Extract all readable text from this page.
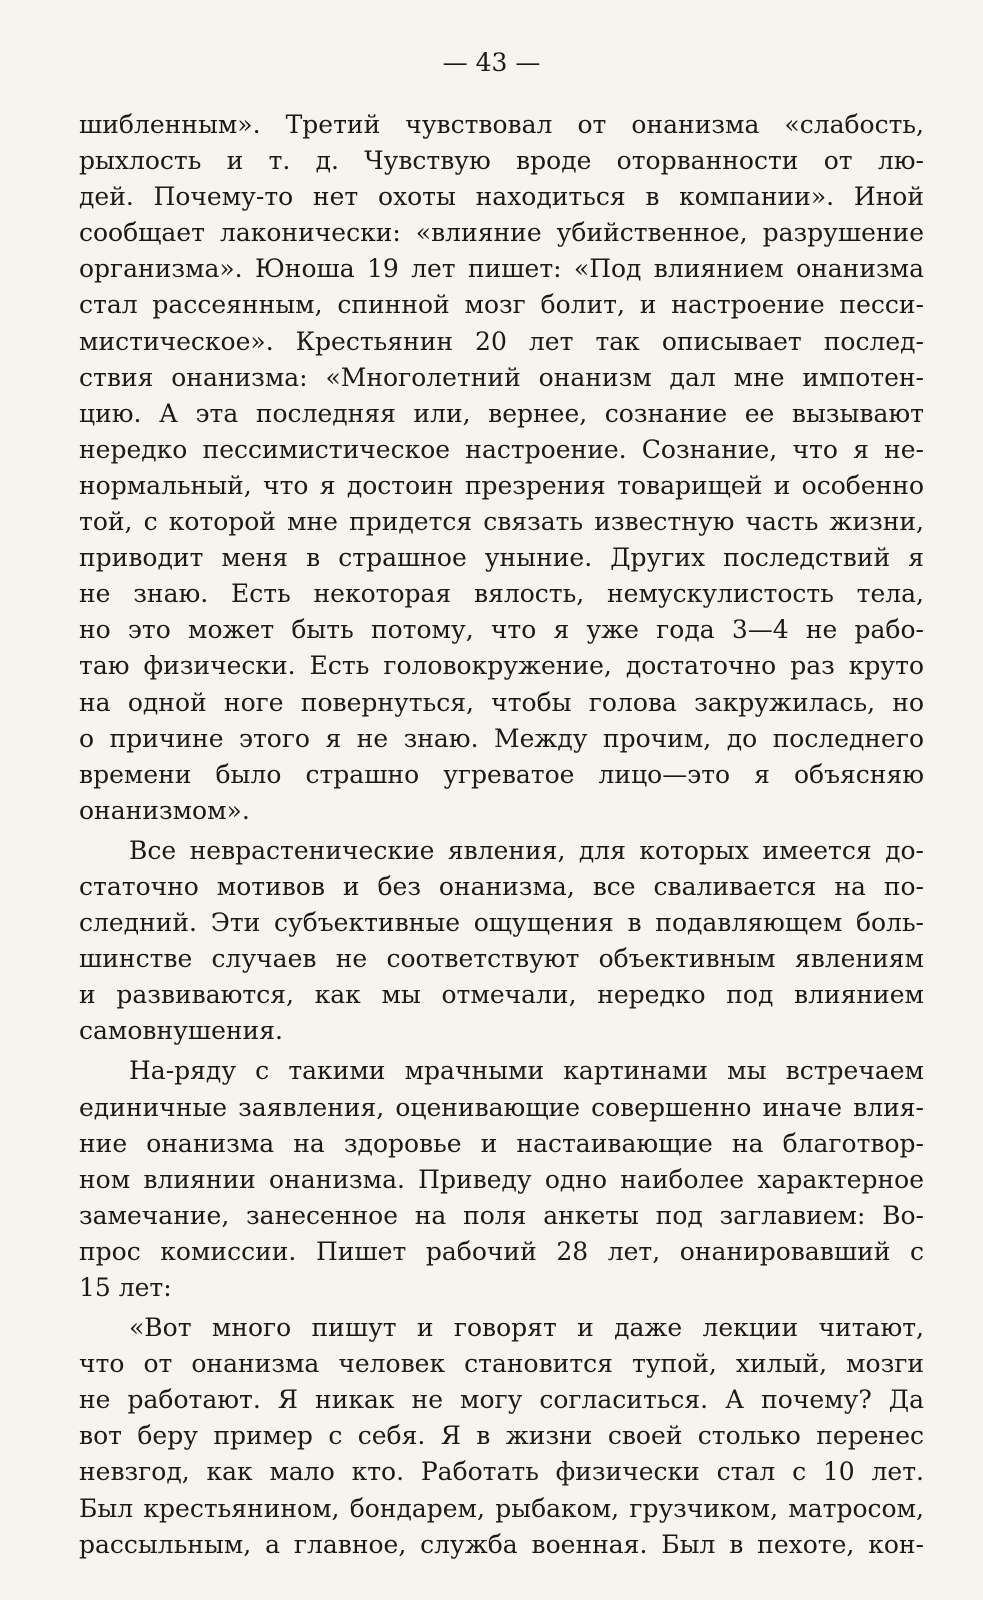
— 43 —
шибленным». Третий чувствовал от онанизма «слабость,
рыхлость и т. д. Чувствую вроде оторванности от лю-
дей. Почему-то нет охоты находиться в компании». Иной
сообщает лаконически: «влияние убийственное, разрушение
организма». Юноша 19 лет пишет: «Под влиянием онанизма
стал рассеянным, спинной мозг болит, и настроение песси-
мистическое». Крестьянин 20 лет так описывает послед-
ствия онанизма: «Многолетний онанизм дал мне импотен-
цию. А эта последняя или, вернее, сознание ее вызывают
нередко пессимистическое настроение. Сознание, что я не-
нормальный, что я достоин презрения товарищей и особенно
той, с которой мне придется связать известную часть жизни,
приводит меня в страшное уныние. Других последствий я
не знаю. Есть некоторая вялость, немускулистость тела,
но это может быть потому, что я уже года 3—4 не рабо-
таю физически. Есть головокружение, достаточно раз круто
на одной ноге повернуться, чтобы голова закружилась, но
о причине этого я не знаю. Между прочим, до последнего
времени было страшно угреватое лицо—это я объясняю
онанизмом».
Все неврастенические явления, для которых имеется до-
статочно мотивов и без онанизма, все сваливается на по-
следний. Эти субъективные ощущения в подавляющем боль-
шинстве случаев не соответствуют объективным явлениям
и развиваются, как мы отмечали, нередко под влиянием
самовнушения.
На-ряду с такими мрачными картинами мы встречаем
единичные заявления, оценивающие совершенно иначе влия-
ние онанизма на здоровье и настаивающие на благотвор-
ном влиянии онанизма. Приведу одно наиболее характерное
замечание, занесенное на поля анкеты под заглавием: Во-
прос комиссии. Пишет рабочий 28 лет, онанировавший с
15 лет:
«Вот много пишут и говорят и даже лекции читают,
что от онанизма человек становится тупой, хилый, мозги
не работают. Я никак не могу согласиться. А почему? Да
вот беру пример с себя. Я в жизни своей столько перенес
невзгод, как мало кто. Работать физически стал с 10 лет.
Был крестьянином, бондарем, рыбаком, грузчиком, матросом,
рассыльным, а главное, служба военная. Был в пехоте, кон-
